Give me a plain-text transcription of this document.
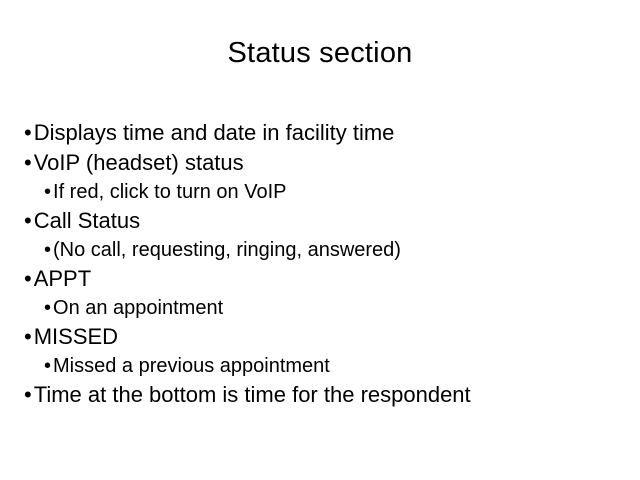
Status section
•Displays time and date in facility time
•VoIP (headset) status
• If red, click to turn on VoIP
•Call Status
• (No call, requesting, ringing, answered)
•APPT
• On an appointment
•MISSED
• Missed a previous appointment
•Time at the bottom is time for the respondent
